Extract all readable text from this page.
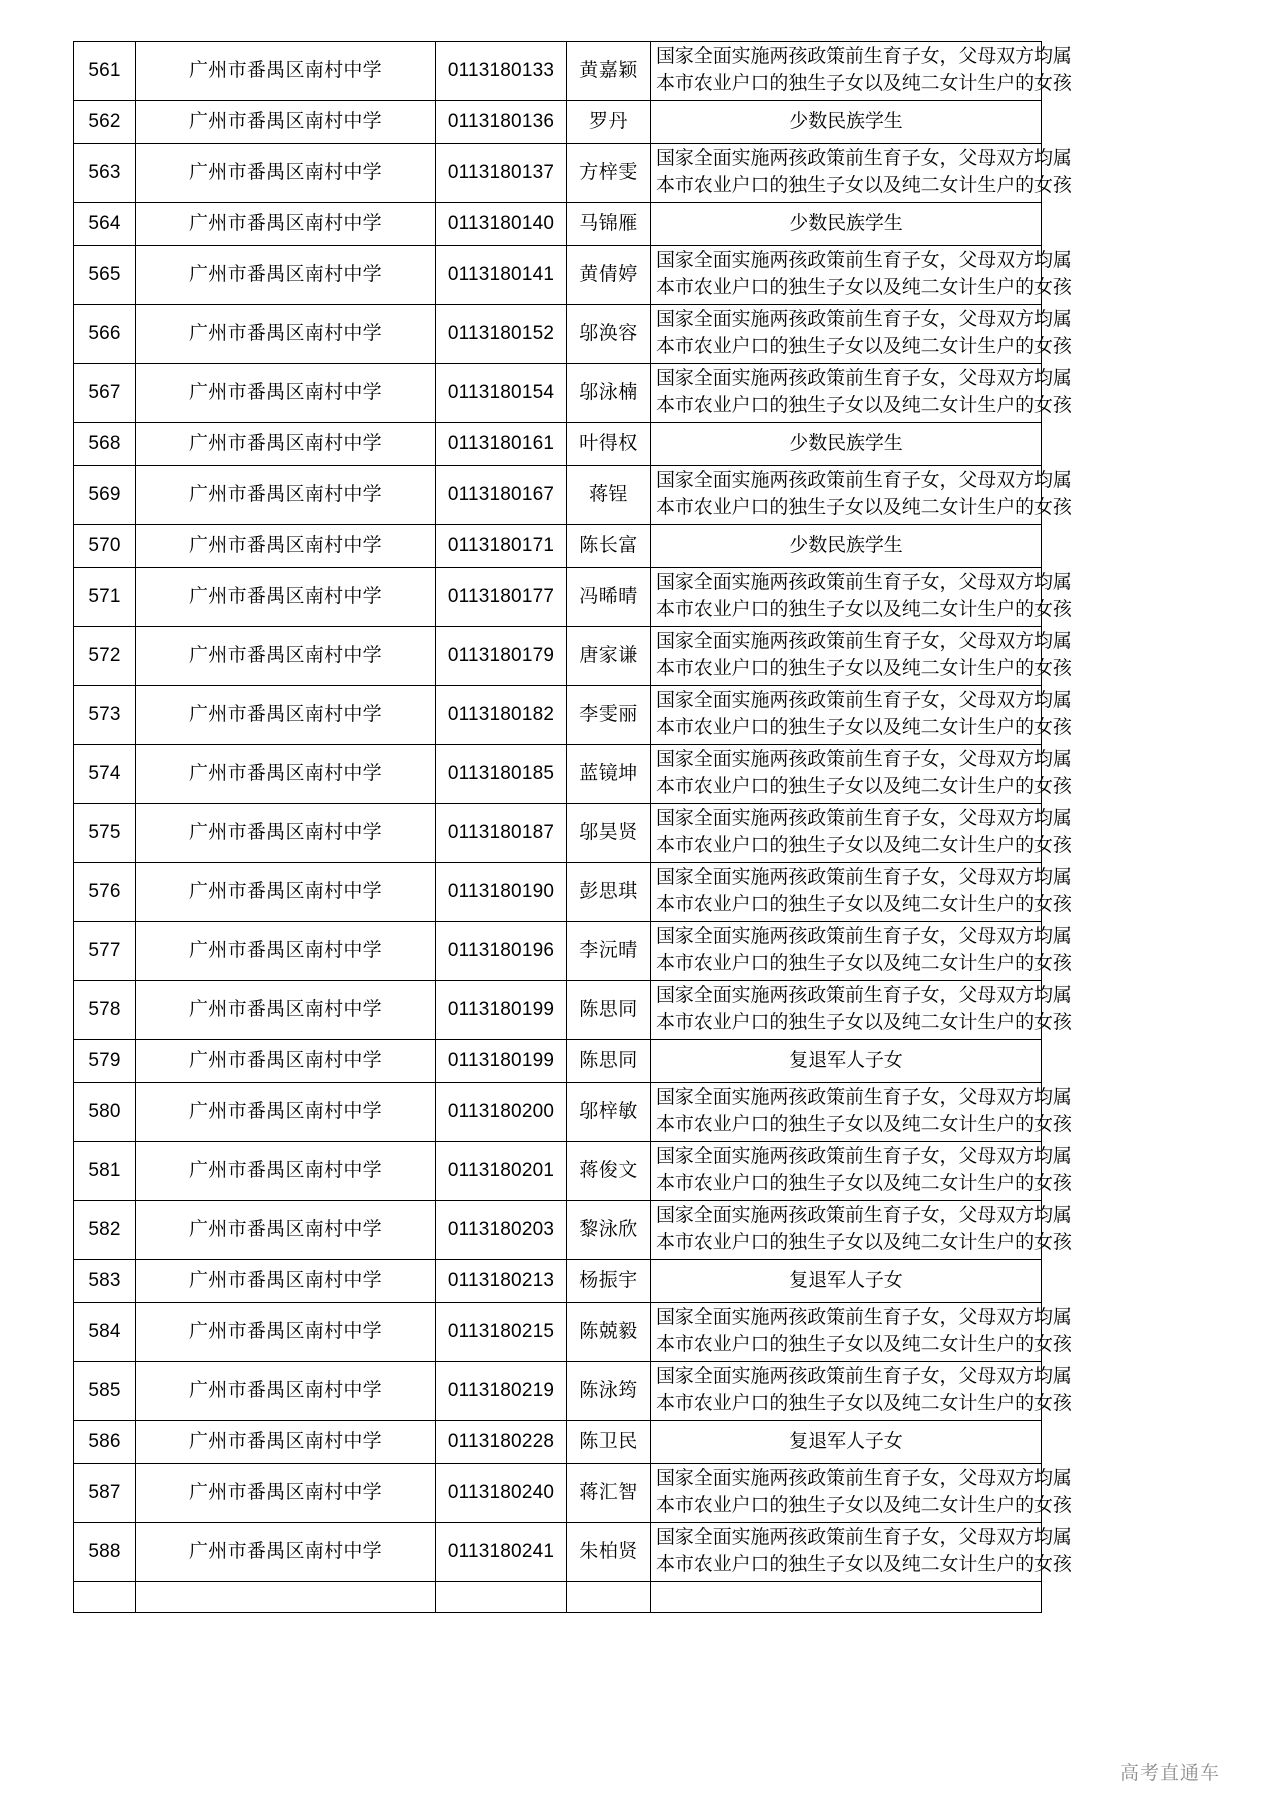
561	广州市番禺区南村中学	0113180133	黄嘉颖	国家全面实施两孩政策前生育子女，父母双方均属
本市农业户口的独生子女以及纯二女计生户的女孩

562	广州市番禺区南村中学	0113180136	罗丹	少数民族学生

563	广州市番禺区南村中学	0113180137	方梓雯	国家全面实施两孩政策前生育子女，父母双方均属
本市农业户口的独生子女以及纯二女计生户的女孩

564	广州市番禺区南村中学	0113180140	马锦雁	少数民族学生

565	广州市番禺区南村中学	0113180141	黄倩婷	国家全面实施两孩政策前生育子女，父母双方均属
本市农业户口的独生子女以及纯二女计生户的女孩

566	广州市番禺区南村中学	0113180152	邬涣容	国家全面实施两孩政策前生育子女，父母双方均属
本市农业户口的独生子女以及纯二女计生户的女孩

567	广州市番禺区南村中学	0113180154	邬泳楠	国家全面实施两孩政策前生育子女，父母双方均属
本市农业户口的独生子女以及纯二女计生户的女孩

568	广州市番禺区南村中学	0113180161	叶得权	少数民族学生

569	广州市番禺区南村中学	0113180167	蒋锃	国家全面实施两孩政策前生育子女，父母双方均属
本市农业户口的独生子女以及纯二女计生户的女孩

570	广州市番禺区南村中学	0113180171	陈长富	少数民族学生

571	广州市番禺区南村中学	0113180177	冯晞晴	国家全面实施两孩政策前生育子女，父母双方均属
本市农业户口的独生子女以及纯二女计生户的女孩

572	广州市番禺区南村中学	0113180179	唐家谦	国家全面实施两孩政策前生育子女，父母双方均属
本市农业户口的独生子女以及纯二女计生户的女孩

573	广州市番禺区南村中学	0113180182	李雯丽	国家全面实施两孩政策前生育子女，父母双方均属
本市农业户口的独生子女以及纯二女计生户的女孩

574	广州市番禺区南村中学	0113180185	蓝镜坤	国家全面实施两孩政策前生育子女，父母双方均属
本市农业户口的独生子女以及纯二女计生户的女孩

575	广州市番禺区南村中学	0113180187	邬昊贤	国家全面实施两孩政策前生育子女，父母双方均属
本市农业户口的独生子女以及纯二女计生户的女孩

576	广州市番禺区南村中学	0113180190	彭思琪	国家全面实施两孩政策前生育子女，父母双方均属
本市农业户口的独生子女以及纯二女计生户的女孩

577	广州市番禺区南村中学	0113180196	李沅晴	国家全面实施两孩政策前生育子女，父母双方均属
本市农业户口的独生子女以及纯二女计生户的女孩

578	广州市番禺区南村中学	0113180199	陈思同	国家全面实施两孩政策前生育子女，父母双方均属
本市农业户口的独生子女以及纯二女计生户的女孩

579	广州市番禺区南村中学	0113180199	陈思同	复退军人子女

580	广州市番禺区南村中学	0113180200	邬梓敏	国家全面实施两孩政策前生育子女，父母双方均属
本市农业户口的独生子女以及纯二女计生户的女孩

581	广州市番禺区南村中学	0113180201	蒋俊文	国家全面实施两孩政策前生育子女，父母双方均属
本市农业户口的独生子女以及纯二女计生户的女孩

582	广州市番禺区南村中学	0113180203	黎泳欣	国家全面实施两孩政策前生育子女，父母双方均属
本市农业户口的独生子女以及纯二女计生户的女孩

583	广州市番禺区南村中学	0113180213	杨振宇	复退军人子女

584	广州市番禺区南村中学	0113180215	陈兢毅	国家全面实施两孩政策前生育子女，父母双方均属
本市农业户口的独生子女以及纯二女计生户的女孩

585	广州市番禺区南村中学	0113180219	陈泳筠	国家全面实施两孩政策前生育子女，父母双方均属
本市农业户口的独生子女以及纯二女计生户的女孩

586	广州市番禺区南村中学	0113180228	陈卫民	复退军人子女

587	广州市番禺区南村中学	0113180240	蒋汇智	国家全面实施两孩政策前生育子女，父母双方均属
本市农业户口的独生子女以及纯二女计生户的女孩

588	广州市番禺区南村中学	0113180241	朱柏贤	国家全面实施两孩政策前生育子女，父母双方均属
本市农业户口的独生子女以及纯二女计生户的女孩

高考直通车
